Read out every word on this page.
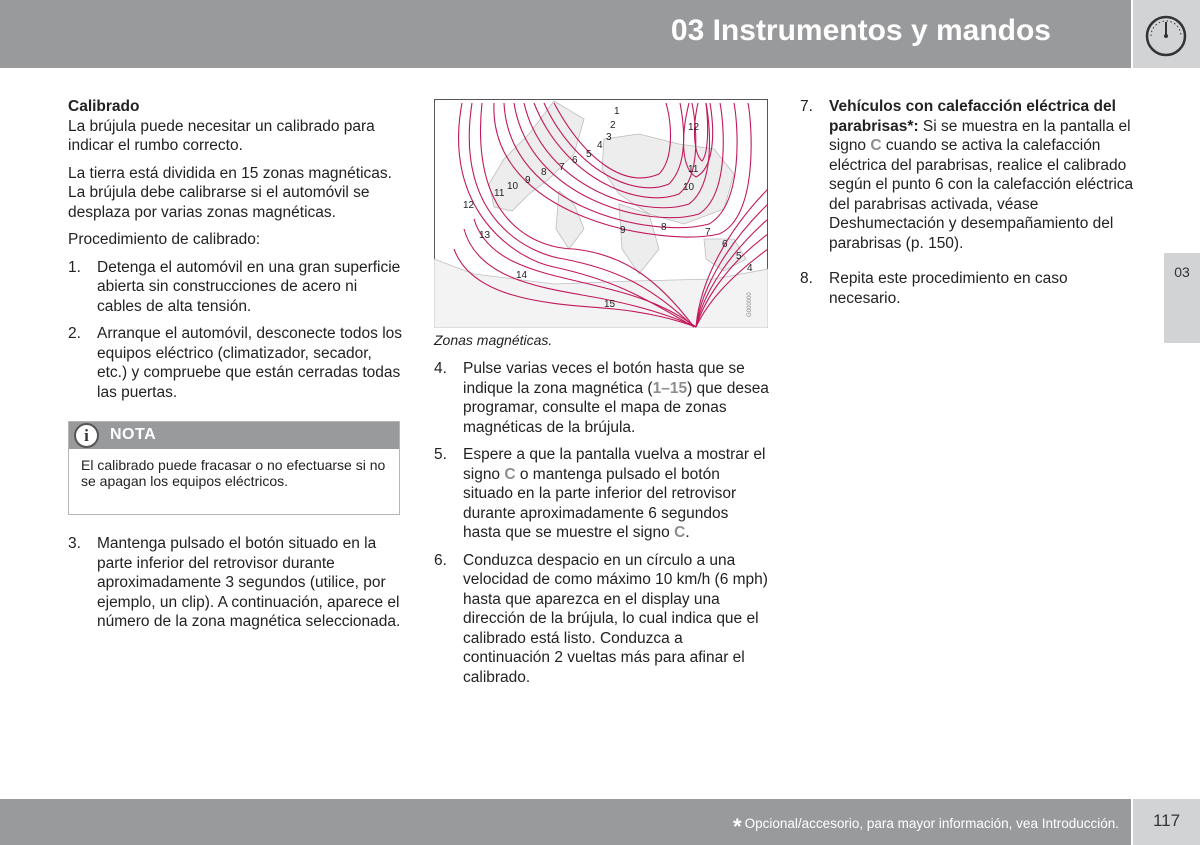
03 Instrumentos y mandos
03

Calibrado

La brújula puede necesitar un calibrado para indicar el rumbo correcto.

La tierra está dividida en 15 zonas magnéticas. La brújula debe calibrarse si el automóvil se desplaza por varias zonas magnéticas.

Procedimiento de calibrado:

1. Detenga el automóvil en una gran superficie abierta sin construcciones de acero ni cables de alta tensión.
2. Arranque el automóvil, desconecte todos los equipos eléctrico (climatizador, secador, etc.) y compruebe que están cerradas todas las puertas.
i	NOTA
El calibrado puede fracasar o no efectuarse si no se apagan los equipos eléctricos.
3. Mantenga pulsado el botón situado en la parte inferior del retrovisor durante aproximadamente 3 segundos (utilice, por ejemplo, un clip). A continuación, aparece el número de la zona magnética seleccionada.
1
2
3
4
5
6
7
8
9
10
11
12
9	8	7
6
5
4
10
11
12
13
14
15	G000000
Zonas magnéticas.
4. Pulse varias veces el botón hasta que se indique la zona magnética (1–15) que desea programar, consulte el mapa de zonas magnéticas de la brújula.
5. Espere a que la pantalla vuelva a mostrar el signo C o mantenga pulsado el botón situado en la parte inferior del retrovisor durante aproximadamente 6 segundos hasta que se muestre el signo C.
6. Conduzca despacio en un círculo a una velocidad de como máximo 10 km/h (6 mph) hasta que aparezca en el display una dirección de la brújula, lo cual indica que el calibrado está listo. Conduzca a continuación 2 vueltas más para afinar el calibrado.
7. Vehículos con calefacción eléctrica del parabrisas*: Si se muestra en la pantalla el signo C cuando se activa la calefacción eléctrica del parabrisas, realice el calibrado según el punto 6 con la calefacción eléctrica del parabrisas activada, véase Deshumectación y desempañamiento del parabrisas (p. 150).
8. Repita este procedimiento en caso necesario.
* Opcional/accesorio, para mayor información, vea Introducción.	117
